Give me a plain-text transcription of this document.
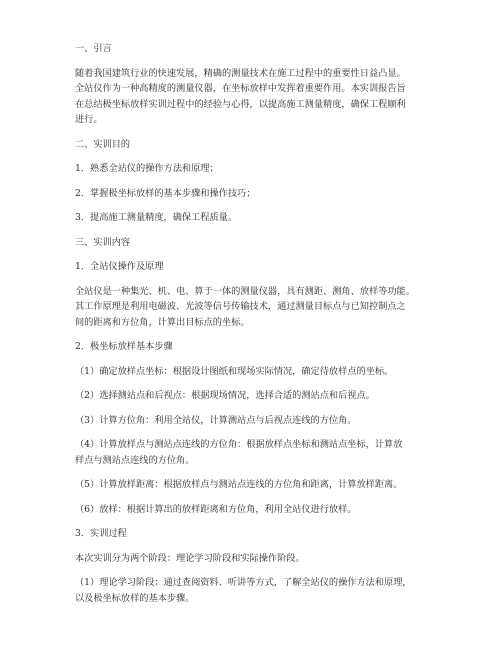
一、引言

随着我国建筑行业的快速发展，精确的测量技术在施工过程中的重要性日益凸显。
全站仪作为一种高精度的测量仪器，在坐标放样中发挥着重要作用。本实训报告旨
在总结极坐标放样实训过程中的经验与心得，以提高施工测量精度，确保工程顺利
进行。

二、实训目的

1．熟悉全站仪的操作方法和原理；

2．掌握极坐标放样的基本步骤和操作技巧；

3．提高施工测量精度，确保工程质量。

三、实训内容

1．全站仪操作及原理

全站仪是一种集光、机、电、算于一体的测量仪器，具有测距、测角、放样等功能。
其工作原理是利用电磁波、光波等信号传输技术，通过测量目标点与已知控制点之
间的距离和方位角，计算出目标点的坐标。

2．极坐标放样基本步骤

（1）确定放样点坐标：根据设计图纸和现场实际情况，确定待放样点的坐标。

（2）选择测站点和后视点：根据现场情况，选择合适的测站点和后视点。

（3）计算方位角：利用全站仪，计算测站点与后视点连线的方位角。

（4）计算放样点与测站点连线的方位角：根据放样点坐标和测站点坐标，计算放
样点与测站点连线的方位角。

（5）计算放样距离：根据放样点与测站点连线的方位角和距离，计算放样距离。

（6）放样：根据计算出的放样距离和方位角，利用全站仪进行放样。

3．实训过程

本次实训分为两个阶段：理论学习阶段和实际操作阶段。

（1）理论学习阶段：通过查阅资料、听讲等方式，了解全站仪的操作方法和原理，
以及极坐标放样的基本步骤。
